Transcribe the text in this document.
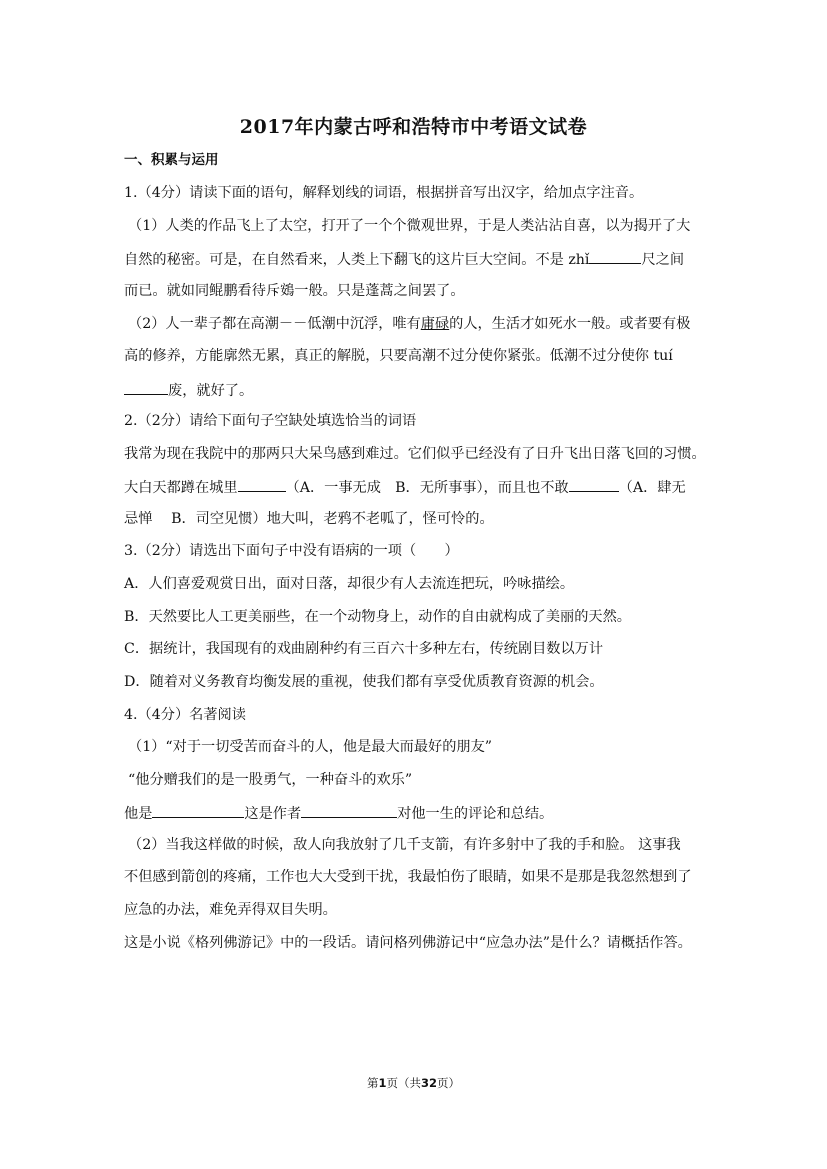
2017年内蒙古呼和浩特市中考语文试卷
一、积累与运用
1.（4分）请读下面的语句，解释划线的词语，根据拼音写出汉字，给加点字注音。
（1）人类的作品飞上了太空，打开了一个个微观世界，于是人类沾沾自喜，以为揭开了大
自然的秘密。可是，在自然看来，人类上下翻飞的这片巨大空间。不是 zhǐ	尺之间
而已。就如同鲲鹏看待斥鴳一般。只是蓬蒿之间罢了。
（2）人一辈子都在高潮－－低潮中沉浮，唯有庸碌的人，生活才如死水一般。或者要有极
高的修养，方能廓然无累，真正的解脱，只要高潮不过分使你紧张。低潮不过分使你 tuí
废，就好了。
2.（2分）请给下面句子空缺处填选恰当的词语
我常为现在我院中的那两只大呆鸟感到难过。它们似乎已经没有了日升飞出日落飞回的习惯。
大白天都蹲在城里	（A．一事无成　B．无所事事），而且也不敢	（A．肆无
忌惮　 B．司空见惯）地大叫，老鸦不老呱了，怪可怜的。
3.（2分）请选出下面句子中没有语病的一项（　　）
A．人们喜爱观赏日出，面对日落，却很少有人去流连把玩，吟咏描绘。
B．天然要比人工更美丽些，在一个动物身上，动作的自由就构成了美丽的天然。
C．据统计，我国现有的戏曲剧种约有三百六十多种左右，传统剧目数以万计
D．随着对义务教育均衡发展的重视，使我们都有享受优质教育资源的机会。
4.（4分）名著阅读
（1）“对于一切受苦而奋斗的人，他是最大而最好的朋友”
“他分赠我们的是一股勇气，一种奋斗的欢乐”
他是	这是作者	对他一生的评论和总结。
（2）当我这样做的时候，敌人向我放射了几千支箭，有许多射中了我的手和脸。 这事我
不但感到箭创的疼痛，工作也大大受到干扰，我最怕伤了眼睛，如果不是那是我忽然想到了
应急的办法，难免弄得双目失明。
这是小说《格列佛游记》中的一段话。请问格列佛游记中“应急办法”是什么？请概括作答。
第1页（共32页）
